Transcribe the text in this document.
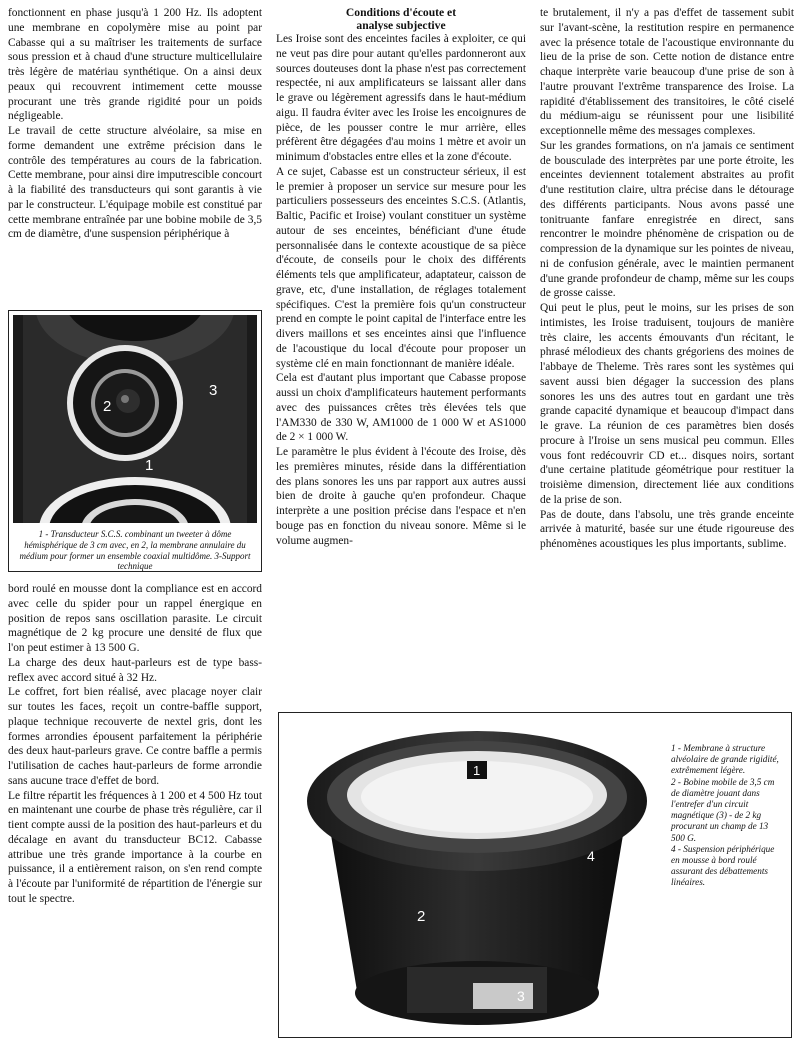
fonctionnent en phase jusqu'à 1 200 Hz. Ils adoptent une membrane en copolymère mise au point par Cabasse qui a su maîtriser les traitements de surface sous pression et à chaud d'une structure multicellulaire très légère de matériau synthétique. On a ainsi deux peaux qui recouvrent intimement cette mousse procurant une très grande rigidité pour un poids négligeable.

Le travail de cette structure alvéolaire, sa mise en forme demandent une extrême précision dans le contrôle des températures au cours de la fabrication. Cette membrane, pour ainsi dire imputrescible concourt à la fiabilité des transducteurs qui sont garantis à vie par le constructeur. L'équipage mobile est constitué par cette membrane entraînée par une bobine mobile de 3,5 cm de diamètre, d'une suspension périphérique à

2
3
1
1 - Transducteur S.C.S. combinant un tweeter à dôme hémisphérique de 3 cm avec, en 2, la membrane annulaire du médium pour former un ensemble coaxial multidôme. 3-Support technique

bord roulé en mousse dont la compliance est en accord avec celle du spider pour un rappel énergique en position de repos sans oscillation parasite. Le circuit magnétique de 2 kg procure une densité de flux que l'on peut estimer à 13 500 G.

La charge des deux haut-parleurs est de type bass-reflex avec accord situé à 32 Hz.

Le coffret, fort bien réalisé, avec placage noyer clair sur toutes les faces, reçoit un contre-baffle support, plaque technique recouverte de nextel gris, dont les formes arrondies épousent parfaitement la périphérie des deux haut-parleurs grave. Ce contre baffle a permis l'utilisation de caches haut-parleurs de forme arrondie sans aucune trace d'effet de bord.

Le filtre répartit les fréquences à 1 200 et 4 500 Hz tout en maintenant une courbe de phase très régulière, car il tient compte aussi de la position des haut-parleurs et du décalage en avant du transducteur BC12. Cabasse attribue une très grande importance à la courbe en puissance, il a entièrement raison, on s'en rend compte à l'écoute par l'uniformité de répartition de l'énergie sur tout le spectre.

Conditions d'écoute et
analyse subjective

Les Iroise sont des enceintes faciles à exploiter, ce qui ne veut pas dire pour autant qu'elles pardonneront aux sources douteuses dont la phase n'est pas correctement respectée, ni aux amplificateurs se laissant aller dans le grave ou légèrement agressifs dans le haut-médium aigu. Il faudra éviter avec les Iroise les encoignures de pièce, de les pousser contre le mur arrière, elles préfèrent être dégagées d'au moins 1 mètre et avoir un minimum d'obstacles entre elles et la zone d'écoute.

A ce sujet, Cabasse est un constructeur sérieux, il est le premier à proposer un service sur mesure pour les particuliers possesseurs des enceintes S.C.S. (Atlantis, Baltic, Pacific et Iroise) voulant constituer un système autour de ses enceintes, bénéficiant d'une étude personnalisée dans le contexte acoustique de sa pièce d'écoute, de conseils pour le choix des différents éléments tels que amplificateur, adaptateur, caisson de grave, etc, d'une installation, de réglages totalement spécifiques. C'est la première fois qu'un constructeur prend en compte le point capital de l'interface entre les divers maillons et ses enceintes ainsi que l'influence de l'acoustique du local d'écoute pour proposer un système clé en main fonctionnant de manière idéale.

Cela est d'autant plus important que Cabasse propose aussi un choix d'amplificateurs hautement performants avec des puissances crêtes très élevées tels que l'AM330 de 330 W, AM1000 de 1 000 W et AS1000 de 2 × 1 000 W.

Le paramètre le plus évident à l'écoute des Iroise, dès les premières minutes, réside dans la différentiation des plans sonores les uns par rapport aux autres aussi bien de droite à gauche qu'en profondeur. Chaque interprète a une position précise dans l'espace et n'en bouge pas en fonction du niveau sonore. Même si le volume augmen-

te brutalement, il n'y a pas d'effet de tassement subit sur l'avant-scène, la restitution respire en permanence avec la présence totale de l'acoustique environnante du lieu de la prise de son. Cette notion de distance entre chaque interprète varie beaucoup d'une prise de son à l'autre prouvant l'extrême transparence des Iroise. La rapidité d'établissement des transitoires, le côté ciselé du médium-aigu se réunissent pour une lisibilité exceptionnelle même des messages complexes.

Sur les grandes formations, on n'a jamais ce sentiment de bousculade des interprètes par une porte étroite, les enceintes deviennent totalement abstraites au profit d'une restitution claire, ultra précise dans le détourage des différents participants. Nous avons passé une tonitruante fanfare enregistrée en direct, sans rencontrer le moindre phénomène de crispation ou de compression de la dynamique sur les pointes de niveau, ni de confusion générale, avec le maintien permanent d'une grande profondeur de champ, même sur les coups de grosse caisse.

Qui peut le plus, peut le moins, sur les prises de son intimistes, les Iroise traduisent, toujours de manière très claire, les accents émouvants d'un récitant, le phrasé mélodieux des chants grégoriens des moines de l'abbaye de Theleme. Très rares sont les systèmes qui savent aussi bien dégager la succession des plans sonores les uns des autres tout en gardant une très grande capacité dynamique et beaucoup d'impact dans le grave. La réunion de ces paramètres bien dosés procure à l'Iroise un sens musical peu commun. Elles vous font redécouvrir CD et... disques noirs, sortant d'une certaine platitude géométrique pour restituer la troisième dimension, directement liée aux conditions de la prise de son.

Pas de doute, dans l'absolu, une très grande enceinte arrivée à maturité, basée sur une étude rigoureuse des phénomènes acoustiques les plus importants, sublime.

1
4
2
3
1 - Membrane à structure alvéolaire de grande rigidité, extrêmement légère.
2 - Bobine mobile de 3,5 cm de diamètre jouant dans l'entrefer d'un circuit magnétique (3) - de 2 kg procurant un champ de 13 500 G.
4 - Suspension périphérique en mousse à bord roulé assurant des débattements linéaires.
